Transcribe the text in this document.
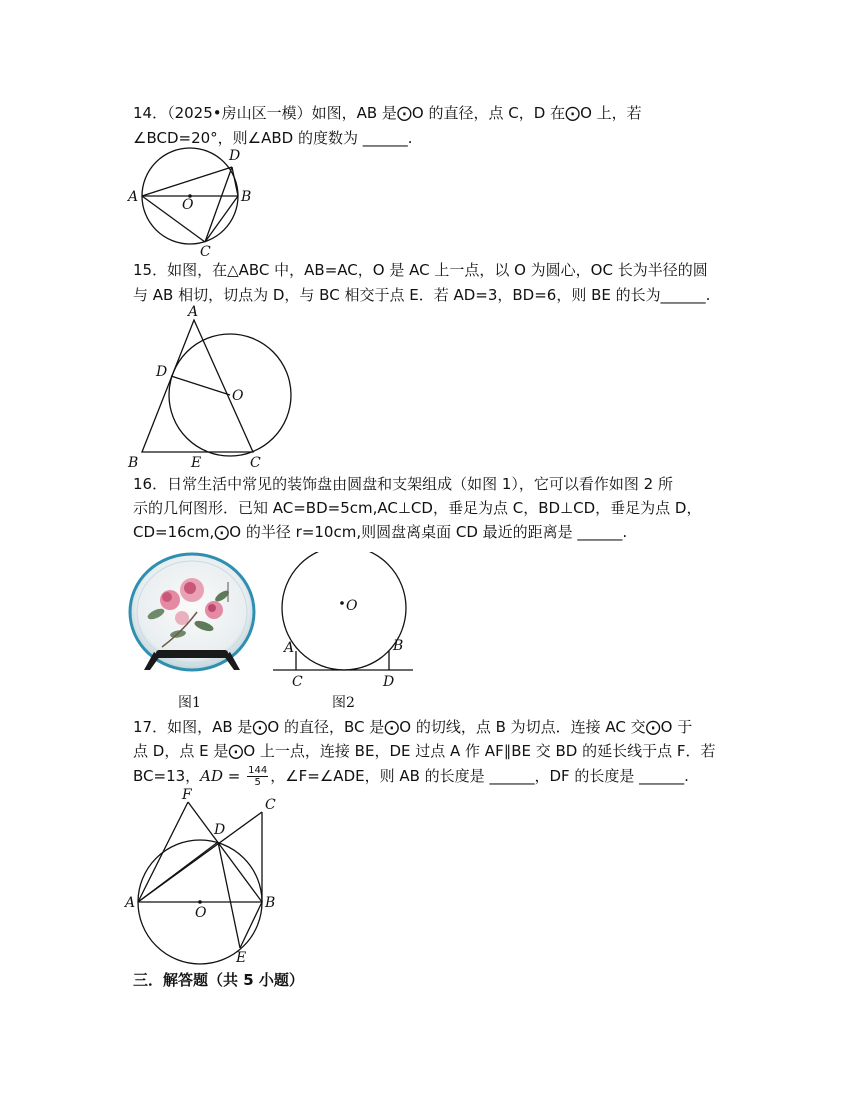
14．（2025•房山区一模）如图，AB 是⨀O 的直径，点 C，D 在⨀O 上，若
∠BCD=20°，则∠ABD 的度数为 ______.
A	O	B
C
D
15．如图，在△ABC 中，AB=AC，O 是 AC 上一点，以 O 为圆心，OC 长为半径的圆
与 AB 相切，切点为 D，与 BC 相交于点 E．若 AD=3，BD=6，则 BE 的长为______.
A
D
O
B	E	C
16．日常生活中常见的装饰盘由圆盘和支架组成（如图 1），它可以看作如图 2 所
示的几何图形．已知 AC=BD=5cm,AC⊥CD，垂足为点 C，BD⊥CD，垂足为点 D，
CD=16cm,⨀O 的半径 r=10cm,则圆盘离桌面 CD 最近的距离是 ______.
图1
O
A	B
C	D
图2
17．如图，AB 是⨀O 的直径，BC 是⨀O 的切线，点 B 为切点．连接 AC 交⨀O 于
点 D，点 E 是⨀O 上一点，连接 BE，DE 过点 A 作 AF∥BE 交 BD 的延长线于点 F．若
BC=13，AD = $\frac{144}{5}$ ，∠F=∠ADE，则 AB 的长度是 ______，DF 的长度是 ______.
F
C
D
A
O
B
E
三．解答题（共 5 小题）
